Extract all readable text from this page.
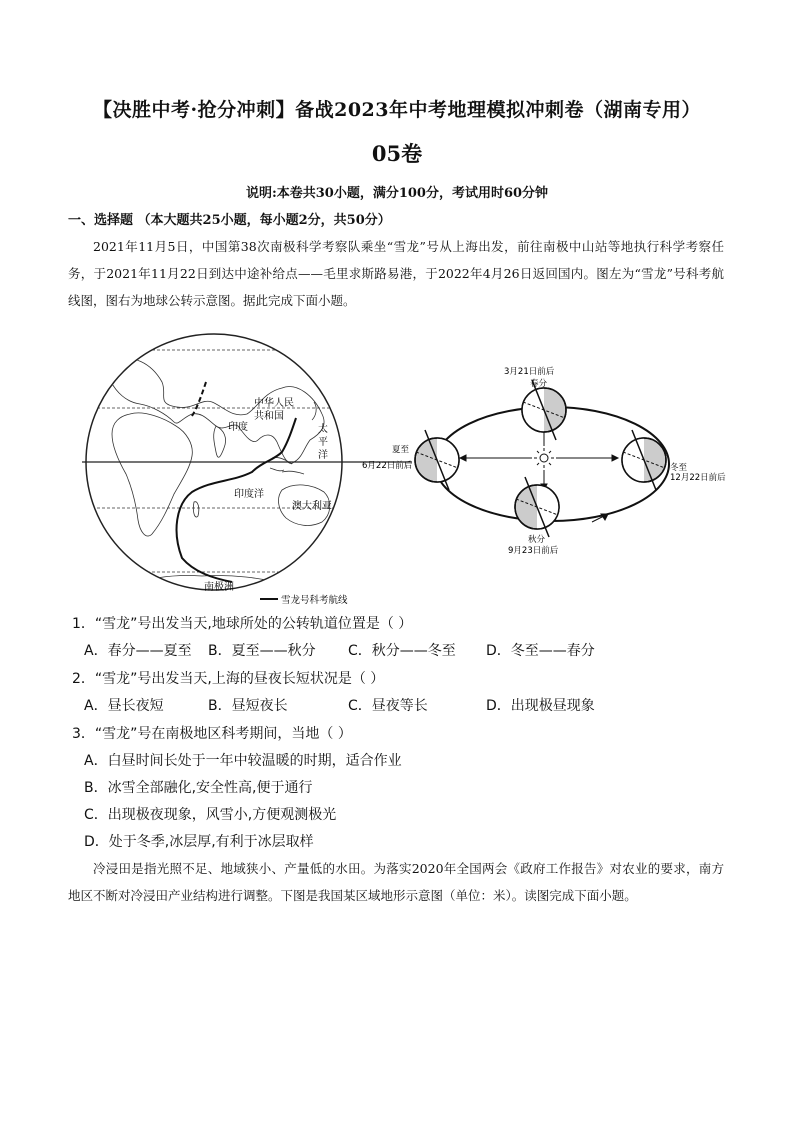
【决胜中考·抢分冲刺】备战2023年中考地理模拟冲刺卷（湖南专用）
05卷
说明:本卷共30小题，满分100分，考试用时60分钟
一、选择题 （本大题共25小题，每小题2分，共50分）
2021年11月5日，中国第38次南极科学考察队乘坐“雪龙”号从上海出发，前往南极中山站等地执行科学考察任务，于2021年11月22日到达中途补给点——毛里求斯路易港，于2022年4月26日返回国内。图左为“雪龙”号科考航线图，图右为地球公转示意图。据此完成下面小题。
中华人民
共和国
印度	太
平
洋
印度洋
澳大利亚
南极洲
雪龙号科考航线
3月21日前后
春分
夏至
6月22日前后	冬至
12月22日前后
秋分
9月23日前后
1．“雪龙”号出发当天,地球所处的公转轨道位置是（ ）
A．春分——夏至	B．夏至——秋分	C．秋分——冬至	D．冬至——春分
2．“雪龙”号出发当天,上海的昼夜长短状况是（ ）
A．昼长夜短	B．昼短夜长	C．昼夜等长	D．出现极昼现象
3．“雪龙”号在南极地区科考期间，当地（ ）
A．白昼时间长处于一年中较温暖的时期，适合作业
B．冰雪全部融化,安全性高,便于通行
C．出现极夜现象，风雪小,方便观测极光
D．处于冬季,冰层厚,有利于冰层取样
冷浸田是指光照不足、地域狭小、产量低的水田。为落实2020年全国两会《政府工作报告》对农业的要求，南方地区不断对冷浸田产业结构进行调整。下图是我国某区域地形示意图（单位：米）。读图完成下面小题。
